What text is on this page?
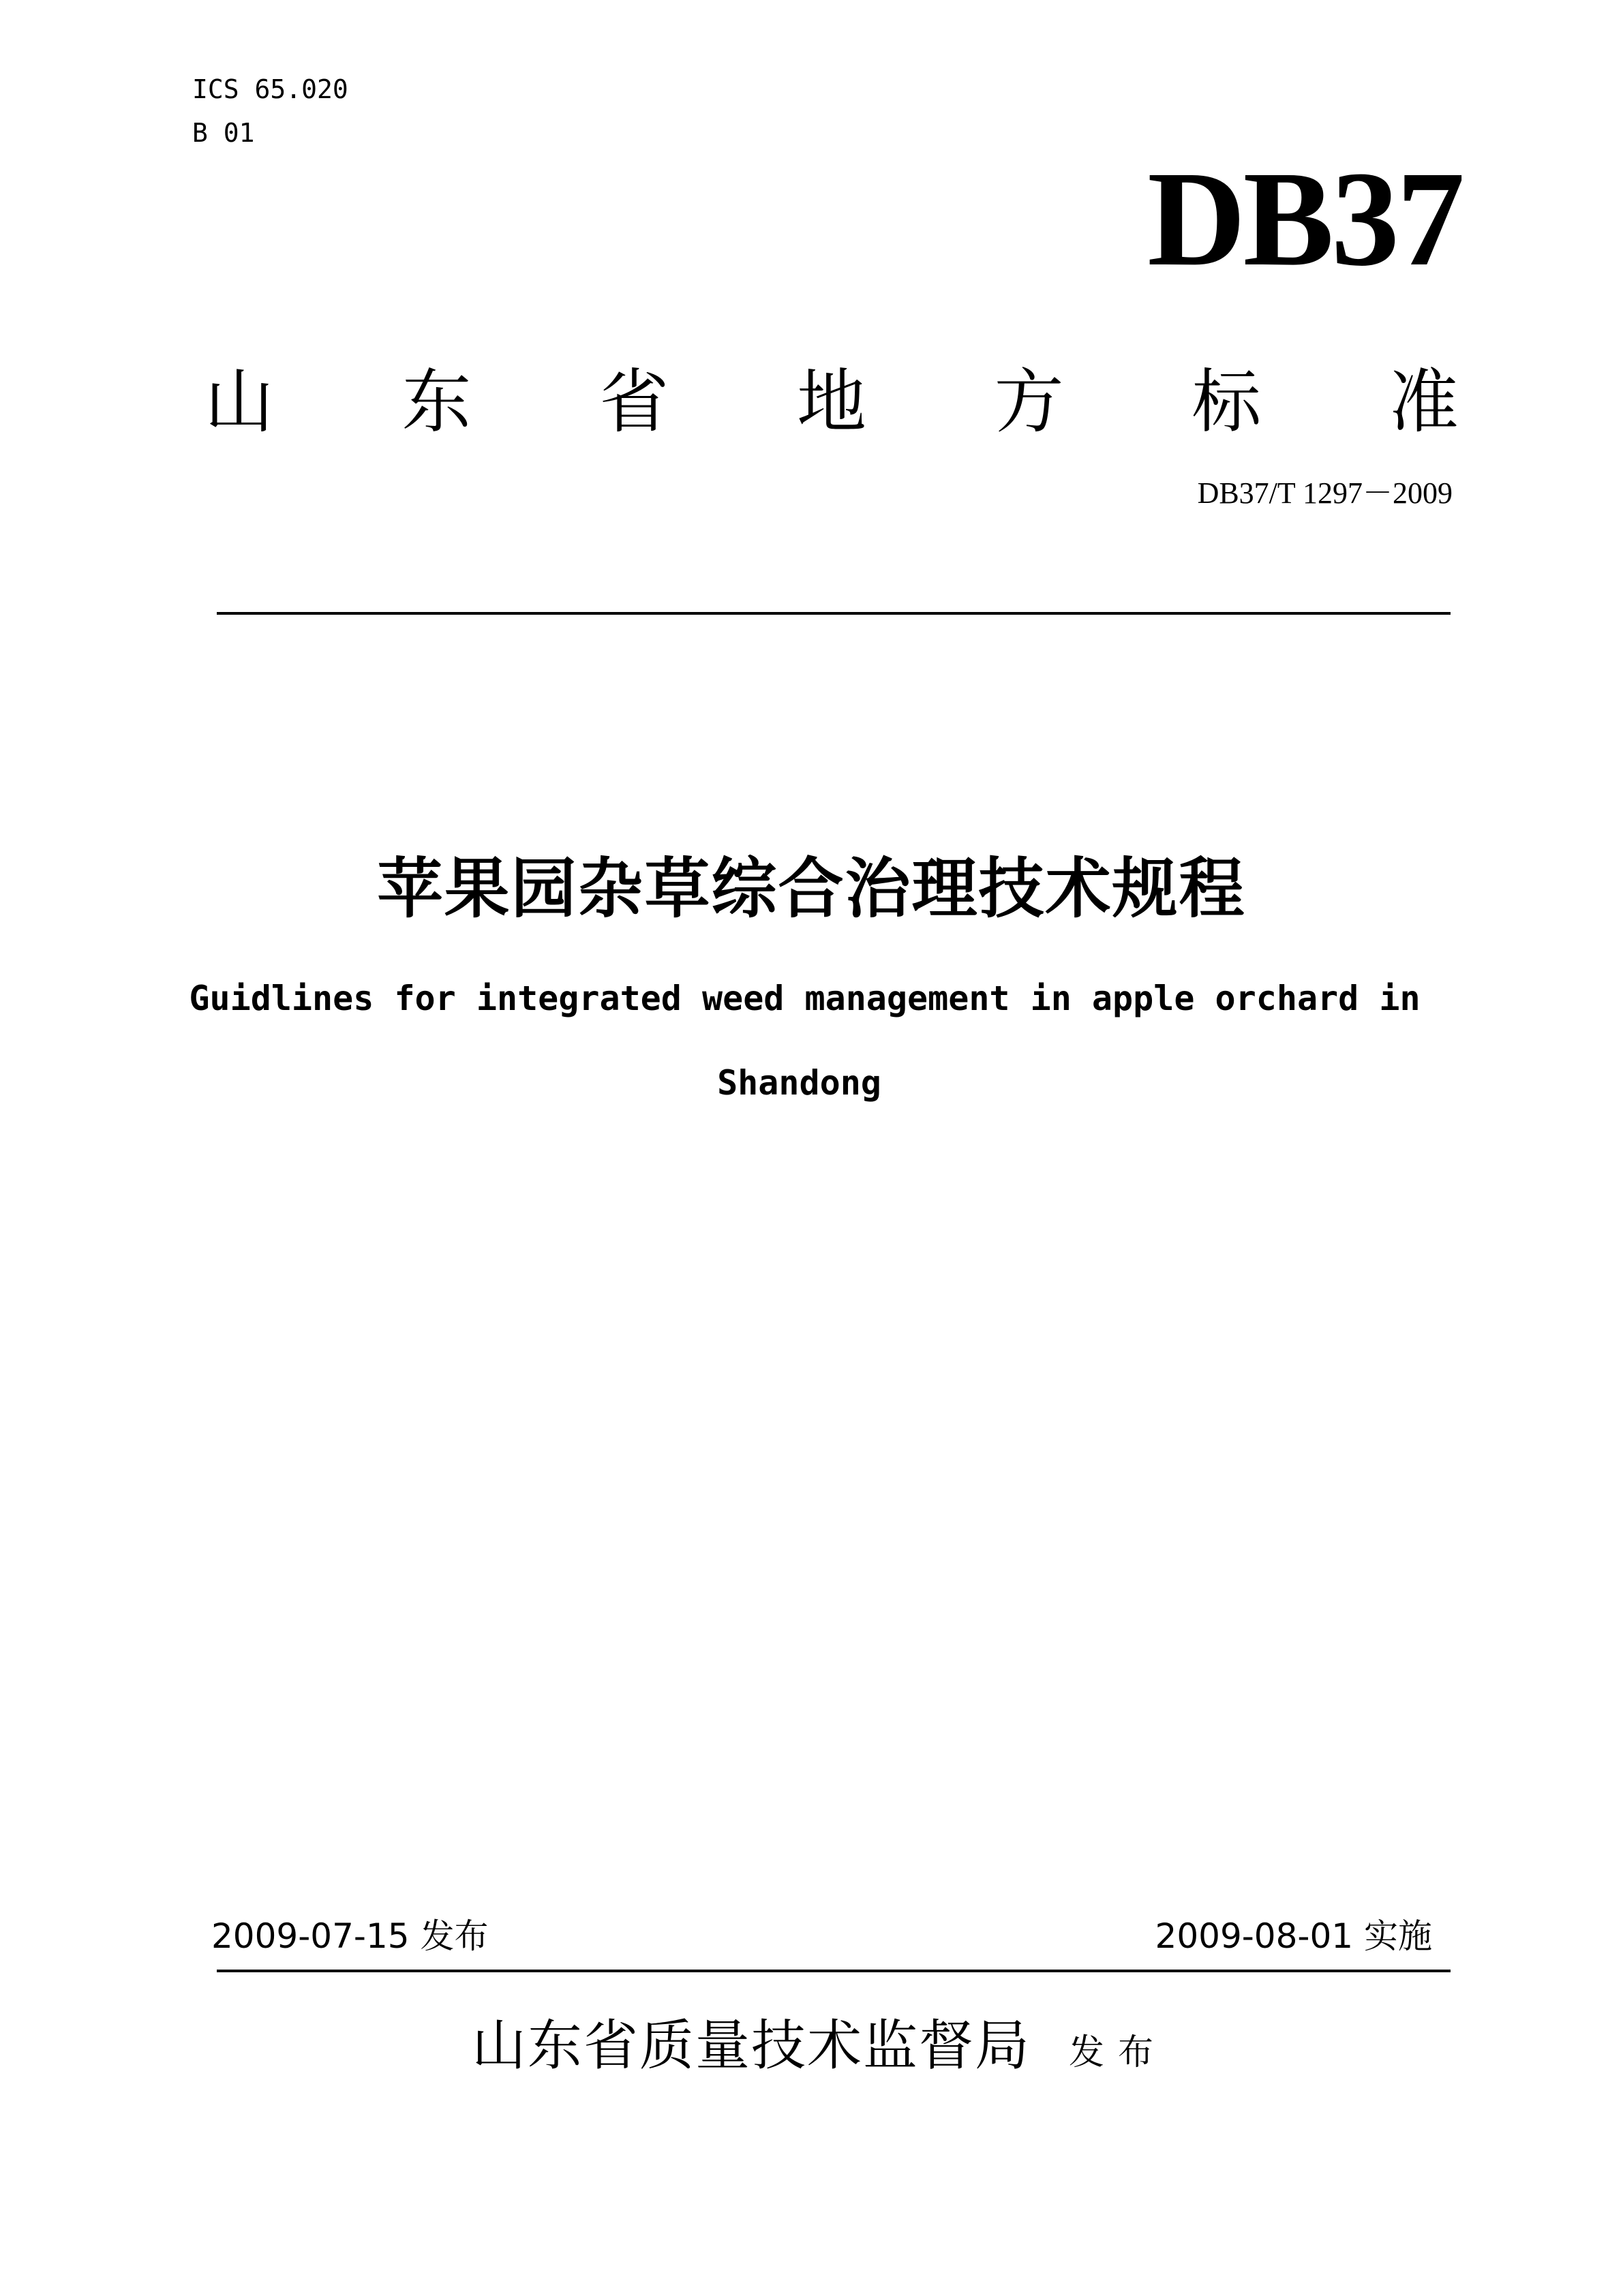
ICS 65.020
B 01
DB37
山 东 省 地 方 标 准
DB37/T 1297－2009
苹果园杂草综合治理技术规程
Guidlines for integrated weed management in apple orchard in
Shandong
2009-07-15 发布	2009-08-01 实施
山东省质量技术监督局 发布
